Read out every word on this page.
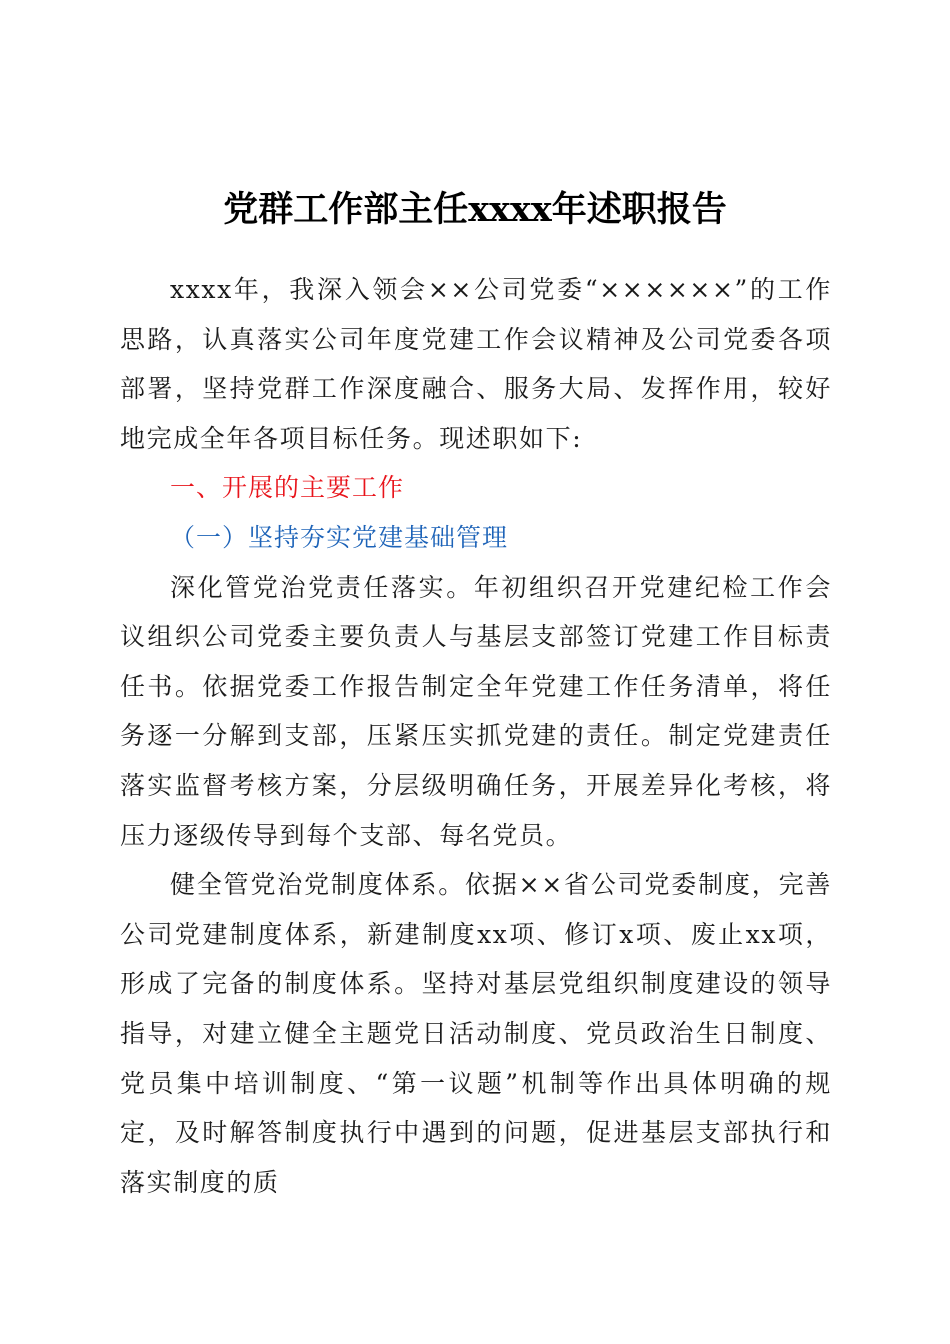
党群工作部主任xxxx年述职报告

xxxx年，我深入领会××公司党委“××××××”的工作思路，认真落实公司年度党建工作会议精神及公司党委各项部署，坚持党群工作深度融合、服务大局、发挥作用，较好地完成全年各项目标任务。现述职如下:

一、开展的主要工作

（一）坚持夯实党建基础管理

深化管党治党责任落实。年初组织召开党建纪检工作会议组织公司党委主要负责人与基层支部签订党建工作目标责任书。依据党委工作报告制定全年党建工作任务清单，将任务逐一分解到支部，压紧压实抓党建的责任。制定党建责任落实监督考核方案，分层级明确任务，开展差异化考核，将压力逐级传导到每个支部、每名党员。

健全管党治党制度体系。依据××省公司党委制度，完善公司党建制度体系，新建制度xx项、修订x项、废止xx项，形成了完备的制度体系。坚持对基层党组织制度建设的领导指导，对建立健全主题党日活动制度、党员政治生日制度、党员集中培训制度、“第一议题”机制等作出具体明确的规定，及时解答制度执行中遇到的问题，促进基层支部执行和落实制度的质
